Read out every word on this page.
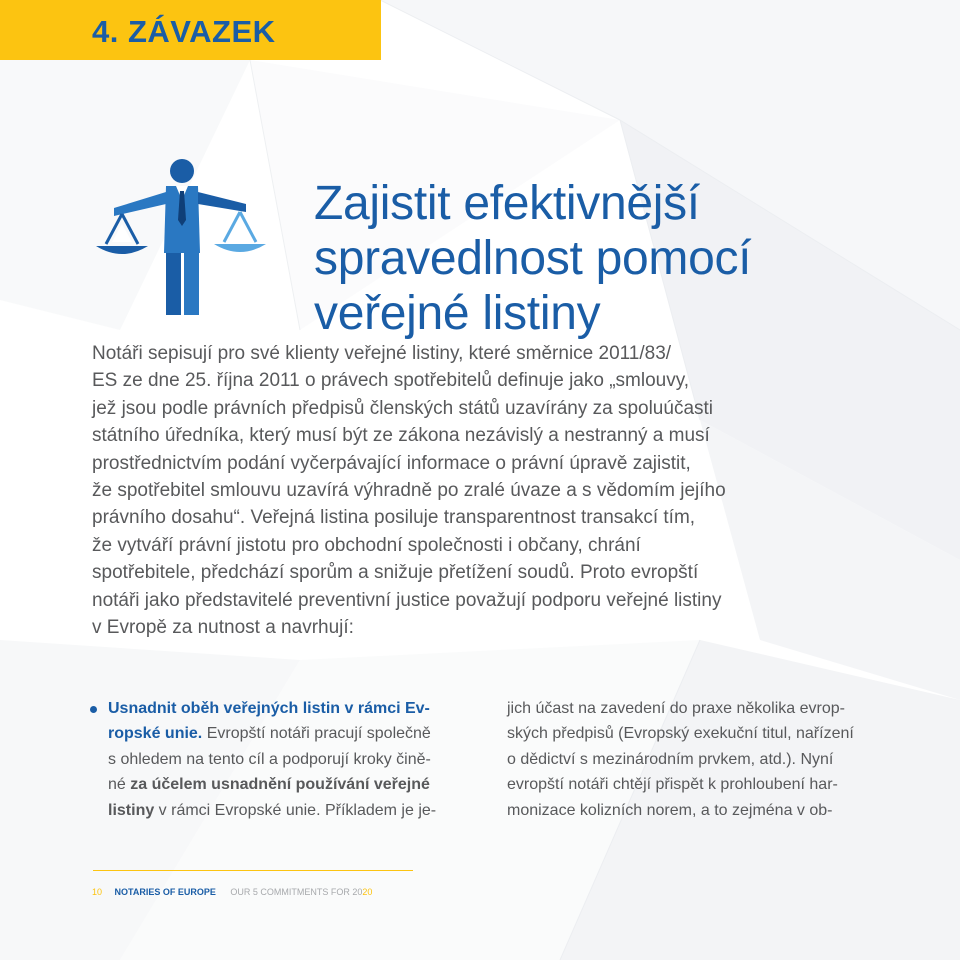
4. ZÁVAZEK
Zajistit efektivnější
spravedlnost pomocí
veřejné listiny
Notáři sepisují pro své klienty veřejné listiny, které směrnice 2011/83/
ES ze dne 25. října 2011 o právech spotřebitelů definuje jako „smlouvy,
jež jsou podle právních předpisů členských států uzavírány za spoluúčasti
státního úředníka, který musí být ze zákona nezávislý a nestranný a musí
prostřednictvím podání vyčerpávající informace o právní úpravě zajistit,
že spotřebitel smlouvu uzavírá výhradně po zralé úvaze a s vědomím jejího
právního dosahu“. Veřejná listina posiluje transparentnost transakcí tím,
že vytváří právní jistotu pro obchodní společnosti i občany, chrání
spotřebitele, předchází sporům a snižuje přetížení soudů. Proto evropští
notáři jako představitelé preventivní justice považují podporu veřejné listiny
v Evropě za nutnost a navrhují:
Usnadnit oběh veřejných listin v rámci Ev-
ropské unie. Evropští notáři pracují společně
s ohledem na tento cíl a podporují kroky čině-
né za účelem usnadnění používání veřejné
listiny v rámci Evropské unie. Příkladem je je-
jich účast na zavedení do praxe několika evrop-
ských předpisů (Evropský exekuční titul, nařízení
o dědictví s mezinárodním prvkem, atd.). Nyní
evropští notáři chtějí přispět k prohloubení har-
monizace kolizních norem, a to zejména v ob-
10 NOTARIES OF EUROPE OUR 5 COMMITMENTS FOR 2020
